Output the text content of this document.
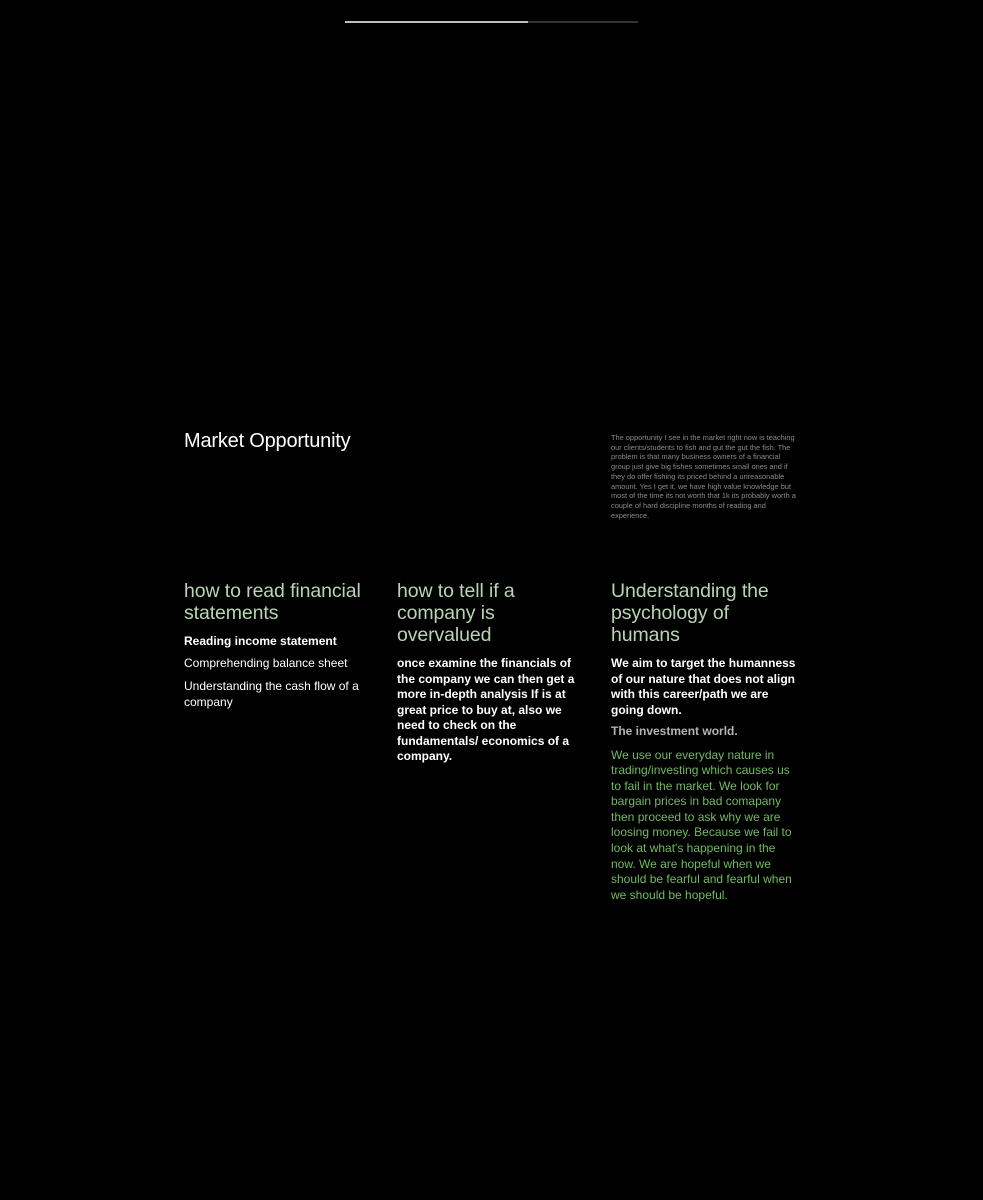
Market Opportunity	The opportunity I see in the market right now is teaching our clients/students to fish and gut the gut the fish. The problem is that many business owners of a financial group just give big fishes sometimes small ones and if they do offer fishing its priced behind a unreasonable amount. Yes I get it, we have high value knowledge but most of the time its not worth that 1k its probably worth a couple of hard discipline months of reading and experience.

how to read financial statements

Reading income statement

Comprehending balance sheet

Understanding the cash flow of a company

how to tell if a company is overvalued

once examine the financials of the company we can then get a more in-depth analysis If is at great price to buy at, also we need to check on the fundamentals/ economics of a company.

Understanding the psychology of humans

We aim to target the humanness of our nature that does not align with this career/path we are going down.

The investment world.

We use our everyday nature in trading/investing which causes us to fail in the market. We look for bargain prices in bad comapany then proceed to ask why we are loosing money. Because we fail to look at what's happening in the now. We are hopeful when we should be fearful and fearful when we should be hopeful.
